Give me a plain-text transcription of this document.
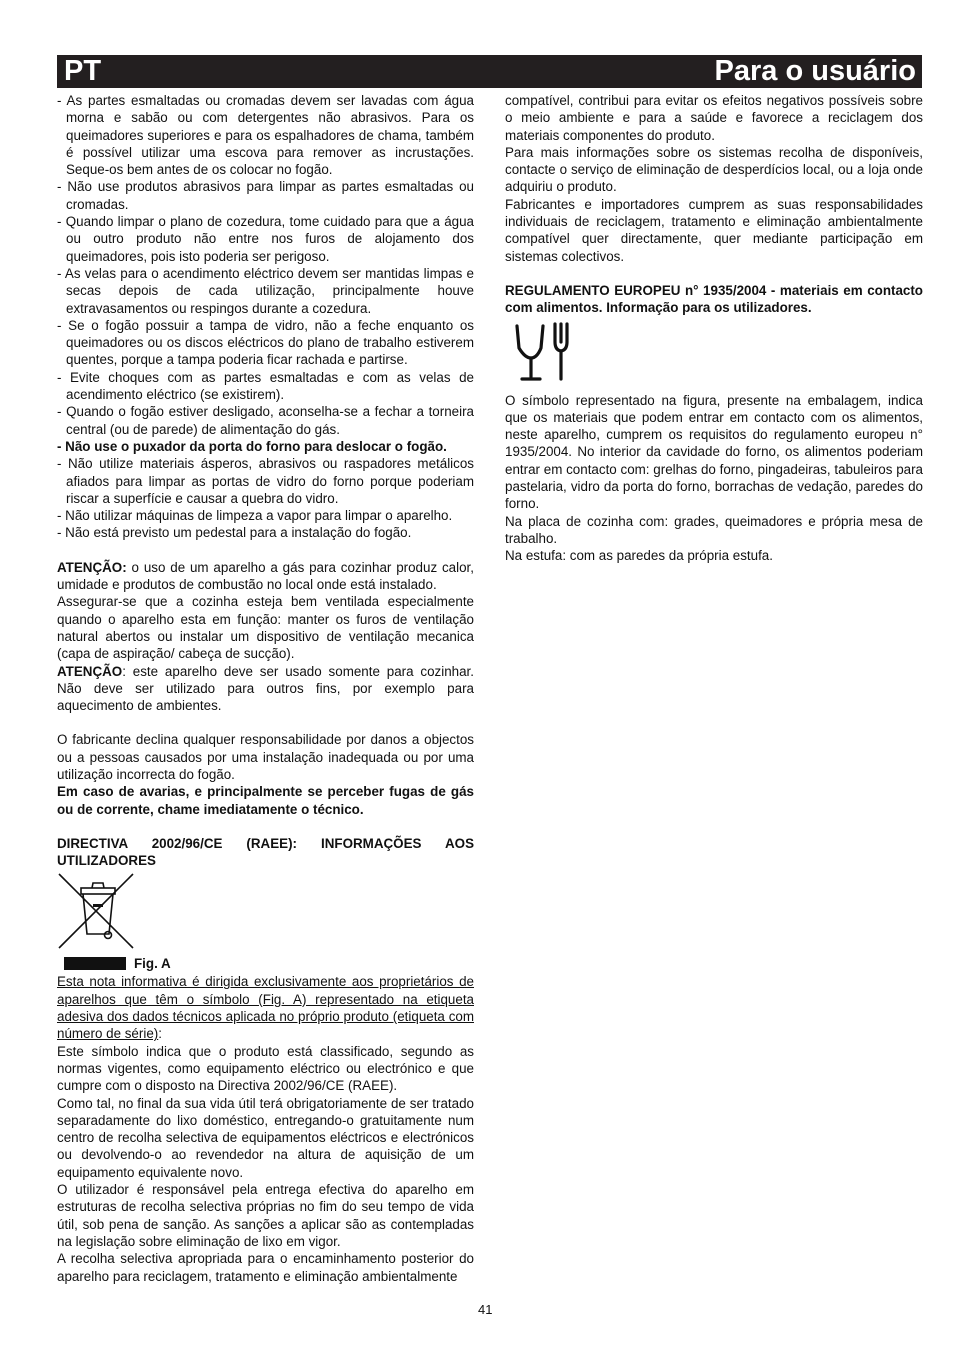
PT	Para o usuário

- As partes esmaltadas ou cromadas devem ser lavadas com água morna e sabão ou com detergentes não abrasivos. Para os queimadores superiores e para os espalhadores de chama, também é possível utilizar uma escova para remover as incrustações. Seque-os bem antes de os colocar no fogão.

- Não use produtos abrasivos para limpar as partes esmaltadas ou cromadas.

- Quando limpar o plano de cozedura, tome cuidado para que a água ou outro produto não entre nos furos de alojamento dos queimadores, pois isto poderia ser perigoso.

- As velas para o acendimento eléctrico devem ser mantidas limpas e secas depois de cada utilização, principalmente houve extravasamentos ou respingos durante a cozedura.

- Se o fogão possuir a tampa de vidro, não a feche enquanto os queimadores ou os discos eléctricos do plano de trabalho estiverem quentes, porque a tampa poderia ficar rachada e partirse.

- Evite choques com as partes esmaltadas e com as velas de acendimento eléctrico (se existirem).

- Quando o fogão estiver desligado, aconselha-se a fechar a torneira central (ou de parede) de alimentação do gás.

- Não use o puxador da porta do forno para deslocar o fogão.

- Não utilize materiais ásperos, abrasivos ou raspadores metálicos afiados para limpar as portas de vidro do forno porque poderiam riscar a superfície e causar a quebra do vidro.

- Não utilizar máquinas de limpeza a vapor para limpar o aparelho.

- Não está previsto um pedestal para a instalação do fogão.

ATENÇÃO: o uso de um aparelho a gás para cozinhar produz calor, umidade e produtos de combustão no local onde está instalado.

Assegurar-se que a cozinha esteja bem ventilada especialmente quando o aparelho esta em função: manter os furos de ventilação natural abertos ou instalar um dispositivo de ventilação mecanica (capa de aspiração/ cabeça de sucção).

ATENÇÃO: este aparelho deve ser usado somente para cozinhar. Não deve ser utilizado para outros fins, por exemplo para aquecimento de ambientes.

O fabricante declina qualquer responsabilidade por danos a objectos ou a pessoas causados por uma instalação inadequada ou por uma utilização incorrecta do fogão.

Em caso de avarias, e principalmente se perceber fugas de gás ou de corrente, chame imediatamente o técnico.

DIRECTIVA 2002/96/CE (RAEE): INFORMAÇÕES AOS UTILIZADORES

Fig. A

Esta nota informativa é dirigida exclusivamente aos proprietários de aparelhos que têm o símbolo (Fig. A) representado na etiqueta adesiva dos dados técnicos aplicada no próprio produto (etiqueta com número de série):

Este símbolo indica que o produto está classificado, segundo as normas vigentes, como equipamento eléctrico ou electrónico e que cumpre com o disposto na Directiva 2002/96/CE (RAEE).

Como tal, no final da sua vida útil terá obrigatoriamente de ser tratado separadamente do lixo doméstico, entregando-o gratuitamente num centro de recolha selectiva de equipamentos eléctricos e electrónicos ou devolvendo-o ao revendedor na altura de aquisição de um equipamento equivalente novo.

O utilizador é responsável pela entrega efectiva do aparelho em estruturas de recolha selectiva próprias no fim do seu tempo de vida útil, sob pena de sanção. As sanções a aplicar são as contempladas na legislação sobre eliminação de lixo em vigor.

A recolha selectiva apropriada para o encaminhamento posterior do aparelho para reciclagem, tratamento e eliminação ambientalmente

compatível, contribui para evitar os efeitos negativos possíveis sobre o meio ambiente e para a saúde e favorece a reciclagem dos materiais componentes do produto.

Para mais informações sobre os sistemas recolha de disponíveis, contacte o serviço de eliminação de desperdícios local, ou a loja onde adquiriu o produto.

Fabricantes e importadores cumprem as suas responsabilidades individuais de reciclagem, tratamento e eliminação ambientalmente compatível quer directamente, quer mediante participação em sistemas colectivos.

REGULAMENTO EUROPEU n° 1935/2004 - materiais em contacto com alimentos. Informação para os utilizadores.

O símbolo representado na figura, presente na embalagem, indica que os materiais que podem entrar em contacto com os alimentos, neste aparelho, cumprem os requisitos do regulamento europeu n° 1935/2004. No interior da cavidade do forno, os alimentos poderiam entrar em contacto com: grelhas do forno, pingadeiras, tabuleiros para pastelaria, vidro da porta do forno, borrachas de vedação, paredes do forno.

Na placa de cozinha com: grades, queimadores e própria mesa de trabalho.

Na estufa: com as paredes da própria estufa.

41
